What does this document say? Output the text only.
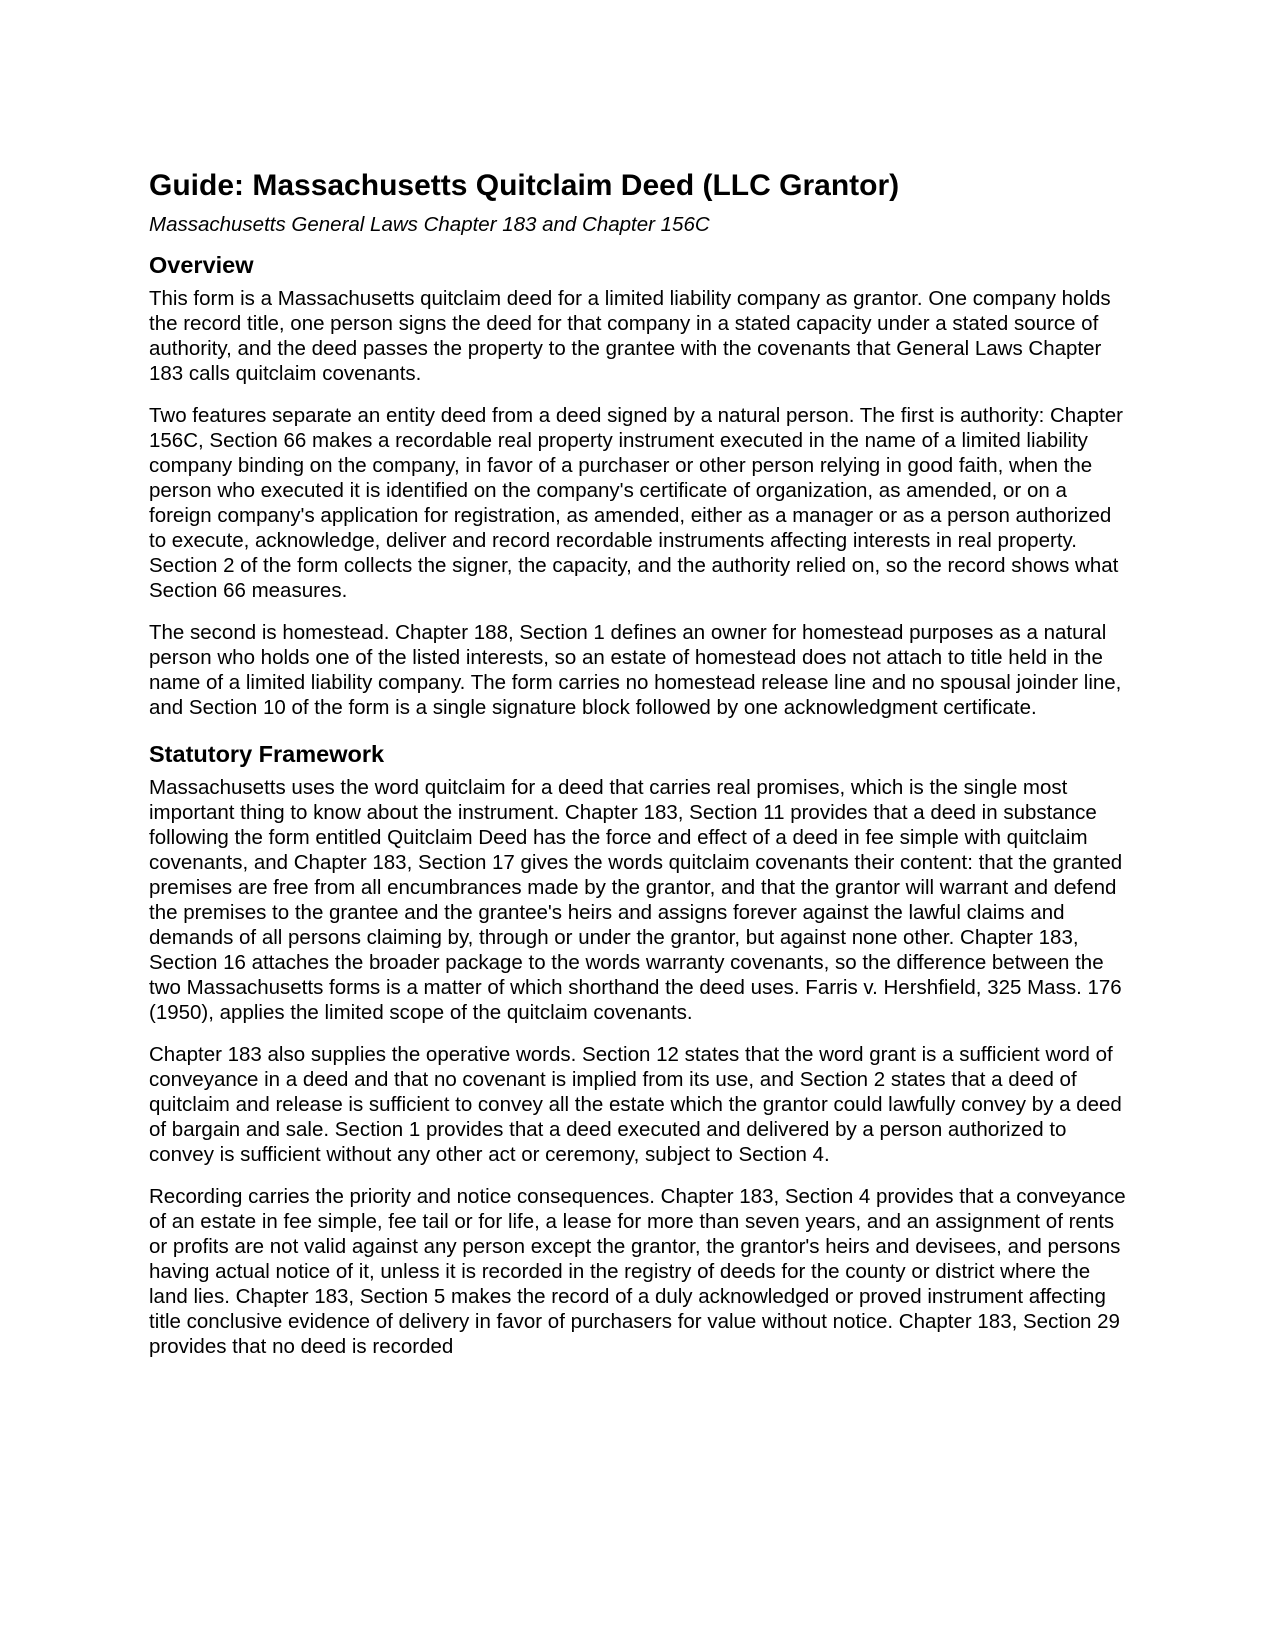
Guide: Massachusetts Quitclaim Deed (LLC Grantor)
Massachusetts General Laws Chapter 183 and Chapter 156C
Overview

This form is a Massachusetts quitclaim deed for a limited liability company as grantor. One company holds the record title, one person signs the deed for that company in a stated capacity under a stated source of authority, and the deed passes the property to the grantee with the covenants that General Laws Chapter 183 calls quitclaim covenants.

Two features separate an entity deed from a deed signed by a natural person. The first is authority: Chapter 156C, Section 66 makes a recordable real property instrument executed in the name of a limited liability company binding on the company, in favor of a purchaser or other person relying in good faith, when the person who executed it is identified on the company's certificate of organization, as amended, or on a foreign company's application for registration, as amended, either as a manager or as a person authorized to execute, acknowledge, deliver and record recordable instruments affecting interests in real property. Section 2 of the form collects the signer, the capacity, and the authority relied on, so the record shows what Section 66 measures.

The second is homestead. Chapter 188, Section 1 defines an owner for homestead purposes as a natural person who holds one of the listed interests, so an estate of homestead does not attach to title held in the name of a limited liability company. The form carries no homestead release line and no spousal joinder line, and Section 10 of the form is a single signature block followed by one acknowledgment certificate.

Statutory Framework

Massachusetts uses the word quitclaim for a deed that carries real promises, which is the single most important thing to know about the instrument. Chapter 183, Section 11 provides that a deed in substance following the form entitled Quitclaim Deed has the force and effect of a deed in fee simple with quitclaim covenants, and Chapter 183, Section 17 gives the words quitclaim covenants their content: that the granted premises are free from all encumbrances made by the grantor, and that the grantor will warrant and defend the premises to the grantee and the grantee's heirs and assigns forever against the lawful claims and demands of all persons claiming by, through or under the grantor, but against none other. Chapter 183, Section 16 attaches the broader package to the words warranty covenants, so the difference between the two Massachusetts forms is a matter of which shorthand the deed uses. Farris v. Hershfield, 325 Mass. 176 (1950), applies the limited scope of the quitclaim covenants.

Chapter 183 also supplies the operative words. Section 12 states that the word grant is a sufficient word of conveyance in a deed and that no covenant is implied from its use, and Section 2 states that a deed of quitclaim and release is sufficient to convey all the estate which the grantor could lawfully convey by a deed of bargain and sale. Section 1 provides that a deed executed and delivered by a person authorized to convey is sufficient without any other act or ceremony, subject to Section 4.

Recording carries the priority and notice consequences. Chapter 183, Section 4 provides that a conveyance of an estate in fee simple, fee tail or for life, a lease for more than seven years, and an assignment of rents or profits are not valid against any person except the grantor, the grantor's heirs and devisees, and persons having actual notice of it, unless it is recorded in the registry of deeds for the county or district where the land lies. Chapter 183, Section 5 makes the record of a duly acknowledged or proved instrument affecting title conclusive evidence of delivery in favor of purchasers for value without notice. Chapter 183, Section 29 provides that no deed is recorded
